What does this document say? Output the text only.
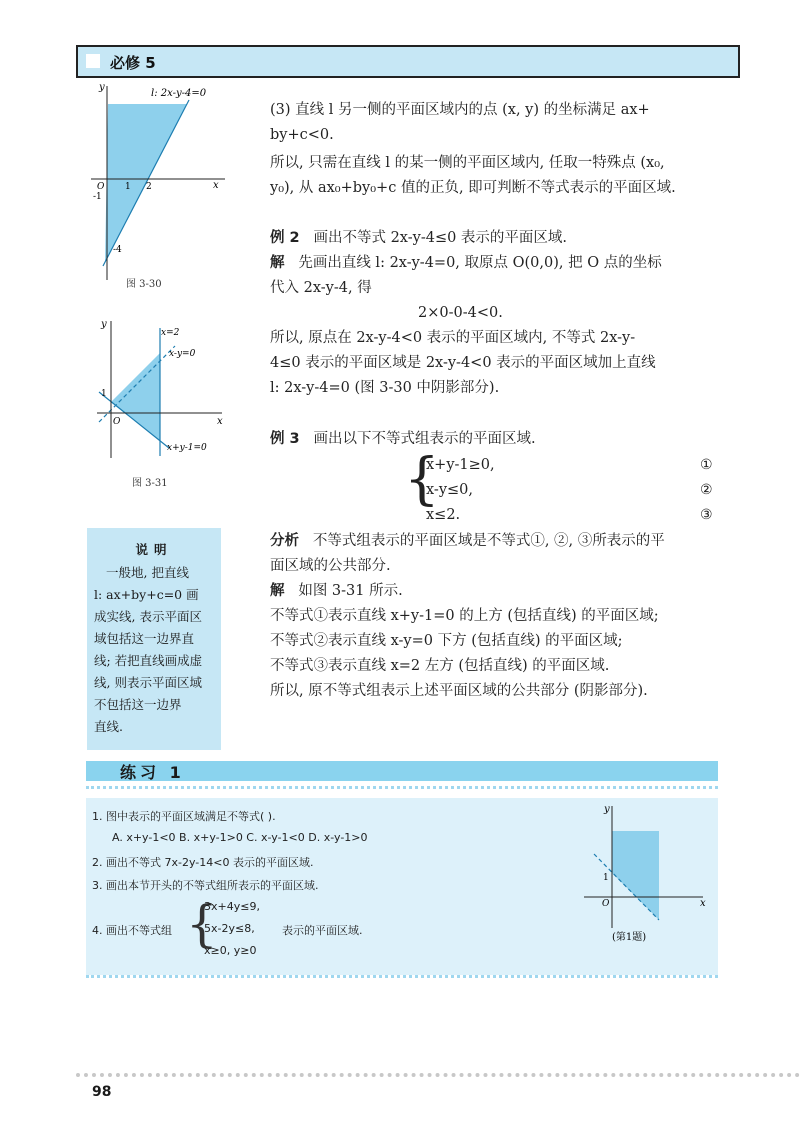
必修 5
y
x
O 1 2
-1
-4
l: 2x-y-4=0
图 3-30
y
x
O
1
x=2
x-y=0
x+y-1=0
图 3-31
(3) 直线 l 另一侧的平面区域内的点 (x, y) 的坐标满足 ax+
by+c<0.
所以, 只需在直线 l 的某一侧的平面区域内, 任取一特殊点 (x₀,
y₀), 从 ax₀+by₀+c 值的正负, 即可判断不等式表示的平面区域.
例 2 画出不等式 2x-y-4≤0 表示的平面区域.
解 先画出直线 l: 2x-y-4=0, 取原点 O(0,0), 把 O 点的坐标
代入 2x-y-4, 得
2×0-0-4<0.
所以, 原点在 2x-y-4<0 表示的平面区域内, 不等式 2x-y-
4≤0 表示的平面区域是 2x-y-4<0 表示的平面区域加上直线
l: 2x-y-4=0 (图 3-30 中阴影部分).
例 3 画出以下不等式组表示的平面区域.
{
x+y-1≥0,
x-y≤0,
x≤2.
①
②
③
分析 不等式组表示的平面区域是不等式①, ②, ③所表示的平
面区域的公共部分.
解 如图 3-31 所示.
不等式①表示直线 x+y-1=0 的上方 (包括直线) 的平面区域;
不等式②表示直线 x-y=0 下方 (包括直线) 的平面区域;
不等式③表示直线 x=2 左方 (包括直线) 的平面区域.
所以, 原不等式组表示上述平面区域的公共部分 (阴影部分).
说明
一般地, 把直线
l: ax+by+c=0 画
成实线, 表示平面区
域包括这一边界直
线; 若把直线画成虚
线, 则表示平面区域
不包括这一边界
直线.
练习 1
1. 图中表示的平面区域满足不等式( ).
A. x+y-1<0 B. x+y-1>0 C. x-y-1<0 D. x-y-1>0
2. 画出不等式 7x-2y-14<0 表示的平面区域.
3. 画出本节开头的不等式组所表示的平面区域.
4. 画出不等式组 {
3x+4y≤9,
5x-2y≤8,
x≥0, y≥0
表示的平面区域.
y
x
O
1
(第1题)
98
